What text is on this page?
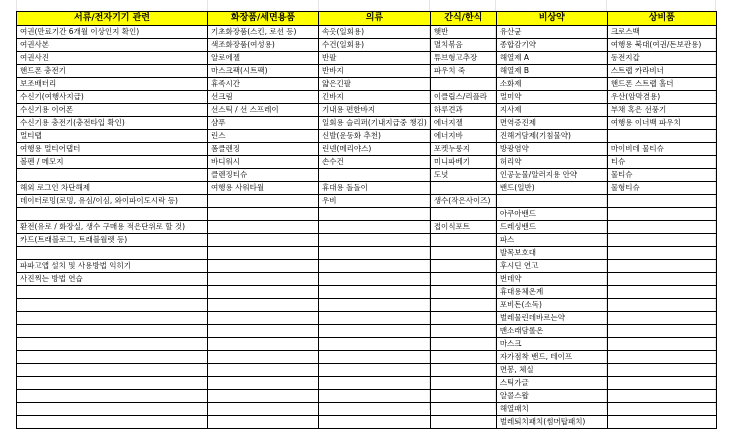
서류/전자기기 관련	화장품/세면용품	의류	간식/한식	비상약	상비품
여권(만료기간 6개월 이상인지 확인)	기초화장품(스킨, 로션 등)	속옷(일회용)	햇반	유산균	크로스백
여권사본	색조화장품(여성용)	수건(일회용)	멸치볶음	종합감기약	여행용 북대(여권/돈보관용)
여권사진	알로에젤	반팔	튜브형고추장	해열제 A	동전지갑
핸드폰 충전기	마스크팩(시트팩)	반바지	파우치 죽	해열제 B	스트랩 카라비너
보조배터리	휴족시간	얇은긴팔		소화제	핸드폰 스트랩 홀더
수신기(여행사지급)	선크림	긴바지	이클립스/리플라	멀미약	우산(암막겸용)
수신기용 이어폰	선스틱 / 선 스프레이	기내용 편한바지	하루견과	지사제	부채 혹은 선풍기
수신기용 충전기(충전타입 확인)	샴푸	일회용 슬리퍼(기내지급중 챙김)	에너지젤	면역증진제	여행용 이너백 파우치
멀티탭	린스	신발(운동화 추천)	에너지바	진해거담제(기침물약)	
여행용 멀티어댑터	폼클렌징	린넨(메리야스)	포켓누룽지	방광염약	마이비데 물티슈
볼펜 / 메모지	바디워시	손수건	미니파베기	허리약	티슈
	클렌징티슈		도넛	인공눈물/알러지용 안약	물티슈
해외 로그인 차단해제	여행용 사워타월	휴대용 돌돌이		밴드(일반)	물형티슈
데이터로밍(로밍, 유심/이심, 와이파이도시락 등)		우비	생수(작은사이즈)		
				아쿠아밴드	
환전(유로 / 화장실, 생수 구매용 적은단위로 할 것)			접이식포트	드레싱밴드	
카드(트래블로그, 트래블월렛 등)				파스	
				발목보호대	
파파고앱 설치 및 사용방법 익히기				후시딘 연고	
사진찍는 방법 연습				번데약	
				휴대용체온계	
				포비돈(소독)	
				벌레물린데바르는약	
				맨소래담롤온	
				마스크	
				자가점착 밴드, 테이프	
				면봉, 체실	
				스틱가글	
				알콜스왑	
				해열패치	
				벌레퇴치패치(썸머탑패치)	
